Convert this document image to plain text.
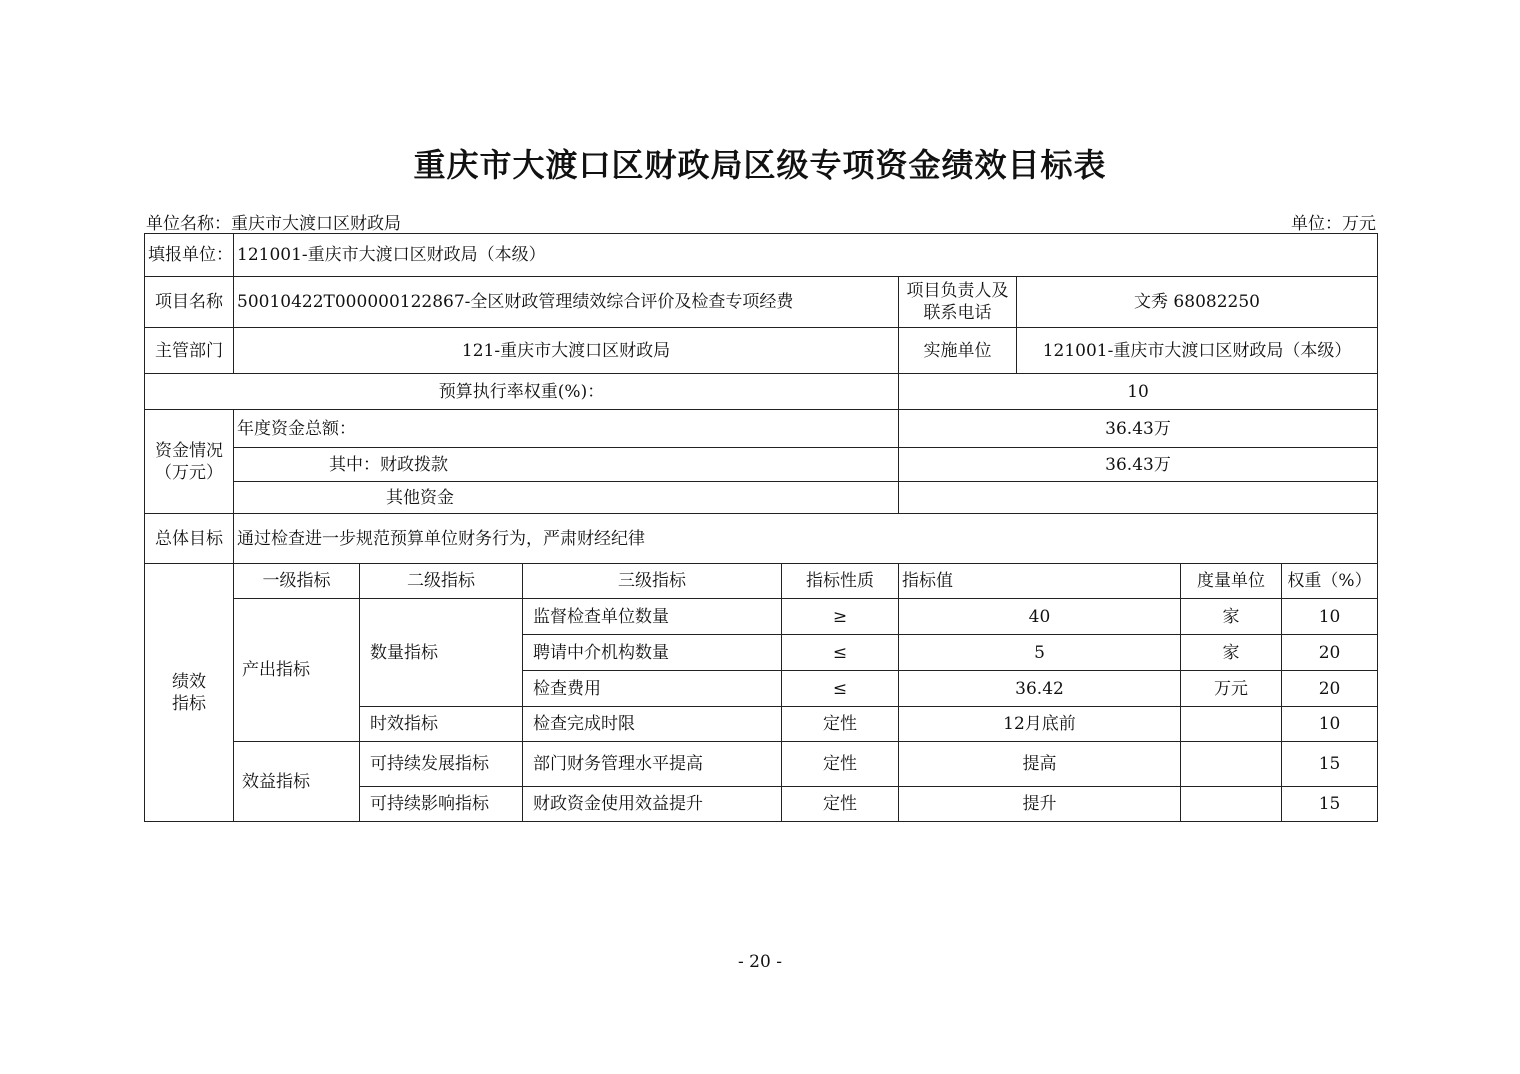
重庆市大渡口区财政局区级专项资金绩效目标表
单位名称：重庆市大渡口区财政局	单位：万元
填报单位：	121001-重庆市大渡口区财政局（本级）							
项目名称	50010422T000000122867-全区财政管理绩效综合评价及检查专项经费				项目负责人及联系电话	文秀 68082250		
主管部门	121-重庆市大渡口区财政局				实施单位	121001-重庆市大渡口区财政局（本级）		
预算执行率权重(%)：					10			
资金情况（万元）	年度资金总额：				36.43万			
	其中：财政拨款				36.43万			
	其他资金							
总体目标	通过检查进一步规范预算单位财务行为，严肃财经纪律							
绩效指标	一级指标	二级指标	三级指标	指标性质	指标值		度量单位	权重（%）
	产出指标	数量指标	监督检查单位数量	≥	40		家	10
			聘请中介机构数量	≤	5		家	20
			检查费用	≤	36.42		万元	20
		时效指标	检查完成时限	定性	12月底前			10
	效益指标	可持续发展指标	部门财务管理水平提高	定性	提高			15
		可持续影响指标	财政资金使用效益提升	定性	提升			15
- 20 -
